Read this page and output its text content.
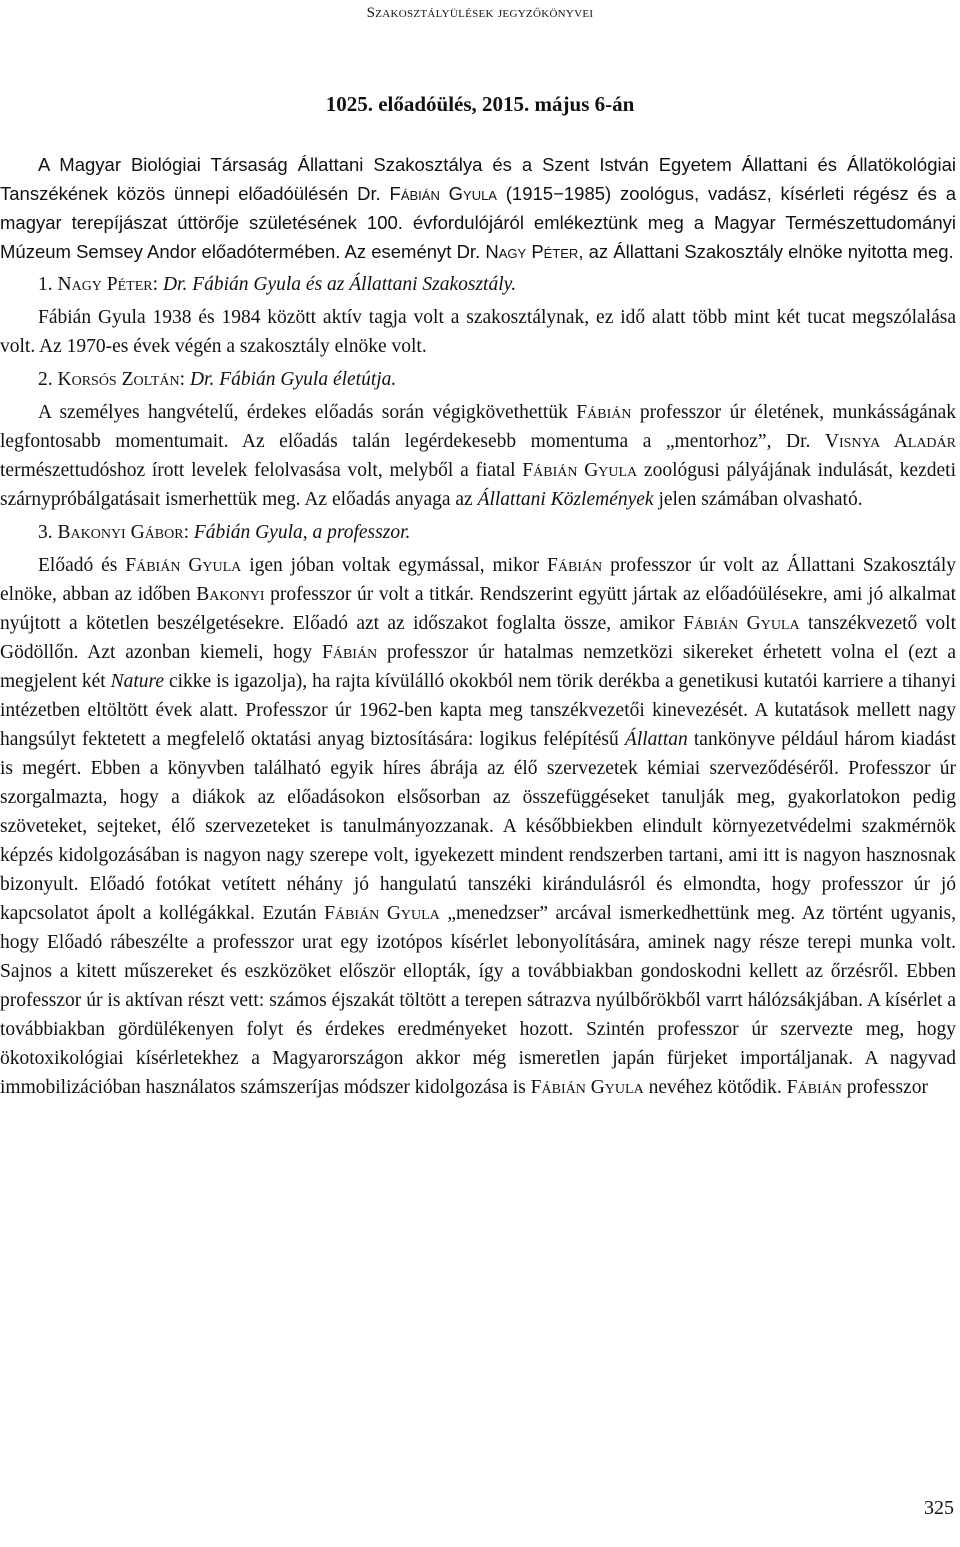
Szakosztályülések jegyzőkönyvei
1025. előadóülés, 2015. május 6-án

A Magyar Biológiai Társaság Állattani Szakosztálya és a Szent István Egyetem Állattani és Állatökológiai Tanszékének közös ünnepi előadóülésén Dr. Fábián Gyula (1915−1985) zoológus, vadász, kísérleti régész és a magyar terepíjászat úttörője születésének 100. évfordulójáról emlékeztünk meg a Magyar Természettudományi Múzeum Semsey Andor előadótermében. Az eseményt Dr. Nagy Péter, az Állattani Szakosztály elnöke nyitotta meg.

1. Nagy Péter: Dr. Fábián Gyula és az Állattani Szakosztály.

Fábián Gyula 1938 és 1984 között aktív tagja volt a szakosztálynak, ez idő alatt több mint két tucat megszólalása volt. Az 1970-es évek végén a szakosztály elnöke volt.

2. Korsós Zoltán: Dr. Fábián Gyula életútja.

A személyes hangvételű, érdekes előadás során végigkövethettük Fábián professzor úr életének, munkásságának legfontosabb momentumait. Az előadás talán legérdekesebb momentuma a „mentorhoz”, Dr. Visnya Aladár természettudóshoz írott levelek felolvasása volt, melyből a fiatal Fábián Gyula zoológusi pályájának indulását, kezdeti szárnypróbálgatásait ismerhettük meg. Az előadás anyaga az Állattani Közlemények jelen számában olvasható.

3. Bakonyi Gábor: Fábián Gyula, a professzor.

Előadó és Fábián Gyula igen jóban voltak egymással, mikor Fábián professzor úr volt az Állattani Szakosztály elnöke, abban az időben Bakonyi professzor úr volt a titkár. Rendszerint együtt jártak az előadóülésekre, ami jó alkalmat nyújtott a kötetlen beszélgetésekre. Előadó azt az időszakot foglalta össze, amikor Fábián Gyula tanszékvezető volt Gödöllőn. Azt azonban kiemeli, hogy Fábián professzor úr hatalmas nemzetközi sikereket érhetett volna el (ezt a megjelent két Nature cikke is igazolja), ha rajta kívülálló okokból nem törik derékba a genetikusi kutatói karriere a tihanyi intézetben eltöltött évek alatt. Professzor úr 1962-ben kapta meg tanszékvezetői kinevezését. A kutatások mellett nagy hangsúlyt fektetett a megfelelő oktatási anyag biztosítására: logikus felépítésű Állattan tankönyve például három kiadást is megért. Ebben a könyvben található egyik híres ábrája az élő szervezetek kémiai szerveződéséről. Professzor úr szorgalmazta, hogy a diákok az előadásokon elsősorban az összefüggéseket tanulják meg, gyakorlatokon pedig szöveteket, sejteket, élő szervezeteket is tanulmányozzanak. A későbbiekben elindult környezetvédelmi szakmérnök képzés kidolgozásában is nagyon nagy szerepe volt, igyekezett mindent rendszerben tartani, ami itt is nagyon hasznosnak bizonyult. Előadó fotókat vetített néhány jó hangulatú tanszéki kirándulásról és elmondta, hogy professzor úr jó kapcsolatot ápolt a kollégákkal. Ezután Fábián Gyula „menedzser” arcával ismerkedhettünk meg. Az történt ugyanis, hogy Előadó rábeszélte a professzor urat egy izotópos kísérlet lebonyolítására, aminek nagy része terepi munka volt. Sajnos a kitett műszereket és eszközöket először ellopták, így a továbbiakban gondoskodni kellett az őrzésről. Ebben professzor úr is aktívan részt vett: számos éjszakát töltött a terepen sátrazva nyúlbőrökből varrt hálózsákjában. A kísérlet a továbbiakban gördülékenyen folyt és érdekes eredményeket hozott. Szintén professzor úr szervezte meg, hogy ökotoxikológiai kísérletekhez a Magyarországon akkor még ismeretlen japán fürjeket importáljanak. A nagyvad immobilizációban használatos számszeríjas módszer kidolgozása is Fábián Gyula nevéhez kötődik. Fábián professzor

325
